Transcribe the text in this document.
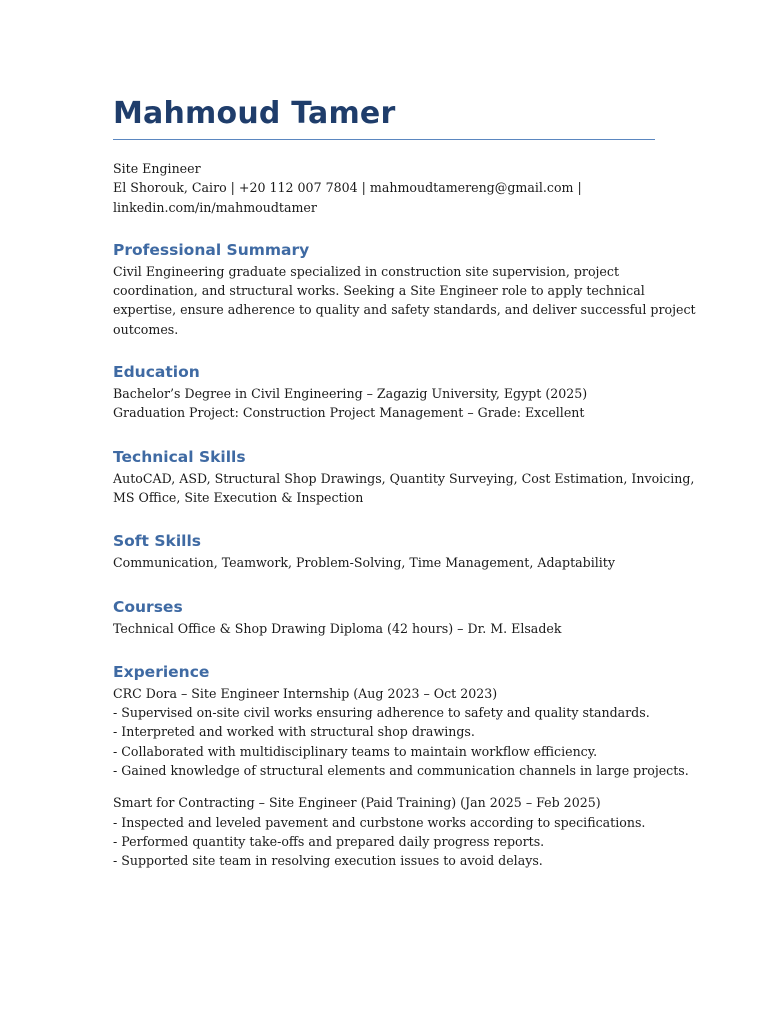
Mahmoud Tamer
Site Engineer
El Shorouk, Cairo | +20 112 007 7804 | mahmoudtamereng@gmail.com |
linkedin.com/in/mahmoudtamer
Professional Summary
Civil Engineering graduate specialized in construction site supervision, project
coordination, and structural works. Seeking a Site Engineer role to apply technical
expertise, ensure adherence to quality and safety standards, and deliver successful project
outcomes.
Education
Bachelor’s Degree in Civil Engineering – Zagazig University, Egypt (2025)
Graduation Project: Construction Project Management – Grade: Excellent
Technical Skills
AutoCAD, ASD, Structural Shop Drawings, Quantity Surveying, Cost Estimation, Invoicing,
MS Office, Site Execution & Inspection
Soft Skills
Communication, Teamwork, Problem-Solving, Time Management, Adaptability
Courses
Technical Office & Shop Drawing Diploma (42 hours) – Dr. M. Elsadek
Experience
CRC Dora – Site Engineer Internship (Aug 2023 – Oct 2023)
- Supervised on-site civil works ensuring adherence to safety and quality standards.
- Interpreted and worked with structural shop drawings.
- Collaborated with multidisciplinary teams to maintain workflow efficiency.
- Gained knowledge of structural elements and communication channels in large projects.
Smart for Contracting – Site Engineer (Paid Training) (Jan 2025 – Feb 2025)
- Inspected and leveled pavement and curbstone works according to specifications.
- Performed quantity take-offs and prepared daily progress reports.
- Supported site team in resolving execution issues to avoid delays.
